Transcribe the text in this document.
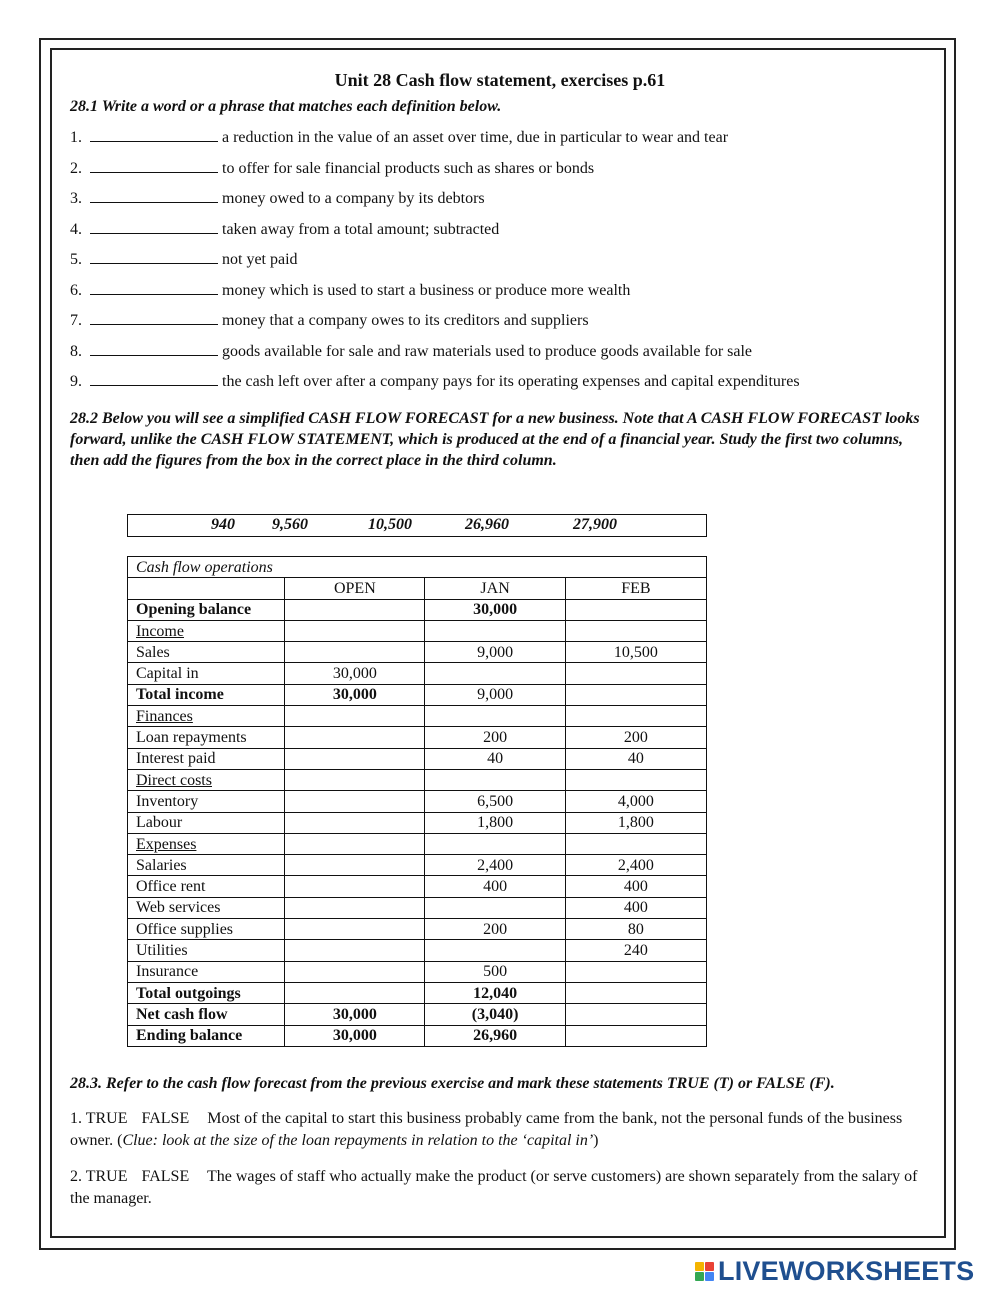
Unit 28 Cash flow statement, exercises p.61
28.1 Write a word or a phrase that matches each definition below.
1.	a reduction in the value of an asset over time, due in particular to wear and tear
2.	to offer for sale financial products such as shares or bonds
3.	money owed to a company by its debtors
4.	taken away from a total amount; subtracted
5.	not yet paid
6.	money which is used to start a business or produce more wealth
7.	money that a company owes to its creditors and suppliers
8.	goods available for sale and raw materials used to produce goods available for sale
9.	the cash left over after a company pays for its operating expenses and capital expenditures
28.2 Below you will see a simplified CASH FLOW FORECAST for a new business. Note that A CASH FLOW FORECAST looks forward, unlike the CASH FLOW STATEMENT, which is produced at the end of a financial year. Study the first two columns, then add the figures from the box in the correct place in the third column.
940 9,560	10,500	26,960	27,900
Cash flow operations			
	OPEN	JAN	FEB
Opening balance		30,000	
Income			
Sales		9,000	10,500
Capital in	30,000		
Total income	30,000	9,000	
Finances			
Loan repayments		200	200
Interest paid		40	40
Direct costs			
Inventory		6,500	4,000
Labour		1,800	1,800
Expenses			
Salaries		2,400	2,400
Office rent		400	400
Web services			400
Office supplies		200	80
Utilities			240
Insurance		500	
Total outgoings		12,040	
Net cash flow	30,000	(3,040)	
Ending balance	30,000	26,960	
28.3. Refer to the cash flow forecast from the previous exercise and mark these statements TRUE (T) or FALSE (F).
1. TRUE FALSE Most of the capital to start this business probably came from the bank, not the personal funds of the business owner. (Clue: look at the size of the loan repayments in relation to the ‘capital in’)
2. TRUE FALSE The wages of staff who actually make the product (or serve customers) are shown separately from the salary of the manager.
LIVEWORKSHEETS
